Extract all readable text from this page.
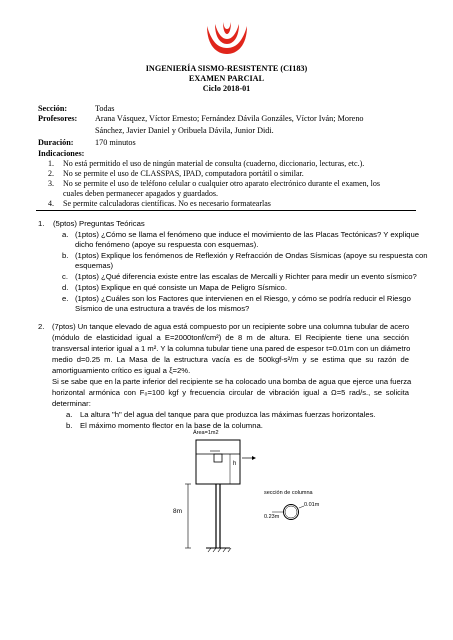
INGENIERÍA SISMO-RESISTENTE (CI183)
EXAMEN PARCIAL
Ciclo 2018-01
Sección:	Todas
Profesores: Arana Vásquez, Víctor Ernesto; Fernández Dávila Gonzáles, Víctor Iván; Moreno
Sánchez, Javier Daniel y Oribuela Dávila, Junior Didi.
Duración:	170 minutos
Indicaciones:
1. No está permitido el uso de ningún material de consulta (cuaderno, diccionario, lecturas, etc.).
2. No se permite el uso de CLASSPAS, IPAD, computadora portátil o similar.
3. No se permite el uso de teléfono celular o cualquier otro aparato electrónico durante el examen, los
cuales deben permanecer apagados y guardados.
4. Se permite calculadoras científicas. No es necesario formatearlas
1. (5ptos) Preguntas Teóricas
a. (1ptos) ¿Cómo se llama el fenómeno que induce el movimiento de las Placas Tectónicas? Y explique
dicho fenómeno (apoye su respuesta con esquemas).
b. (1ptos) Explique los fenómenos de Reflexión y Refracción de Ondas Sísmicas (apoye su respuesta con
esquemas)
c. (1ptos) ¿Qué diferencia existe entre las escalas de Mercalli y Richter para medir un evento sísmico?
d. (1ptos) Explique en qué consiste un Mapa de Peligro Sísmico.
e. (1ptos) ¿Cuáles son los Factores que intervienen en el Riesgo, y cómo se podría reducir el Riesgo
Sísmico de una estructura a través de los mismos?
2. (7ptos) Un tanque elevado de agua está compuesto por un recipiente sobre una columna tubular de acero
(módulo de elasticidad igual a E=2000tonf/cm²) de 8 m de altura. El Recipiente tiene una sección
transversal interior igual a 1 m². Y la columna tubular tiene una pared de espesor t=0.01m con un diámetro
medio d=0.25 m. La Masa de la estructura vacía es de 500kgf-s²/m y se estima que su razón de
amortiguamiento crítico es igual a ξ=2%.
Si se sabe que en la parte inferior del recipiente se ha colocado una bomba de agua que ejerce una fuerza
horizontal armónica con F₀=100 kgf y frecuencia circular de vibración igual a Ω=5 rad/s., se solicita
determinar:
a. La altura "h" del agua del tanque para que produzca las máximas fuerzas horizontales.
b. El máximo momento flector en la base de la columna.
Área=1m2
h
8m
sección de columna
0.01m
0.23m
